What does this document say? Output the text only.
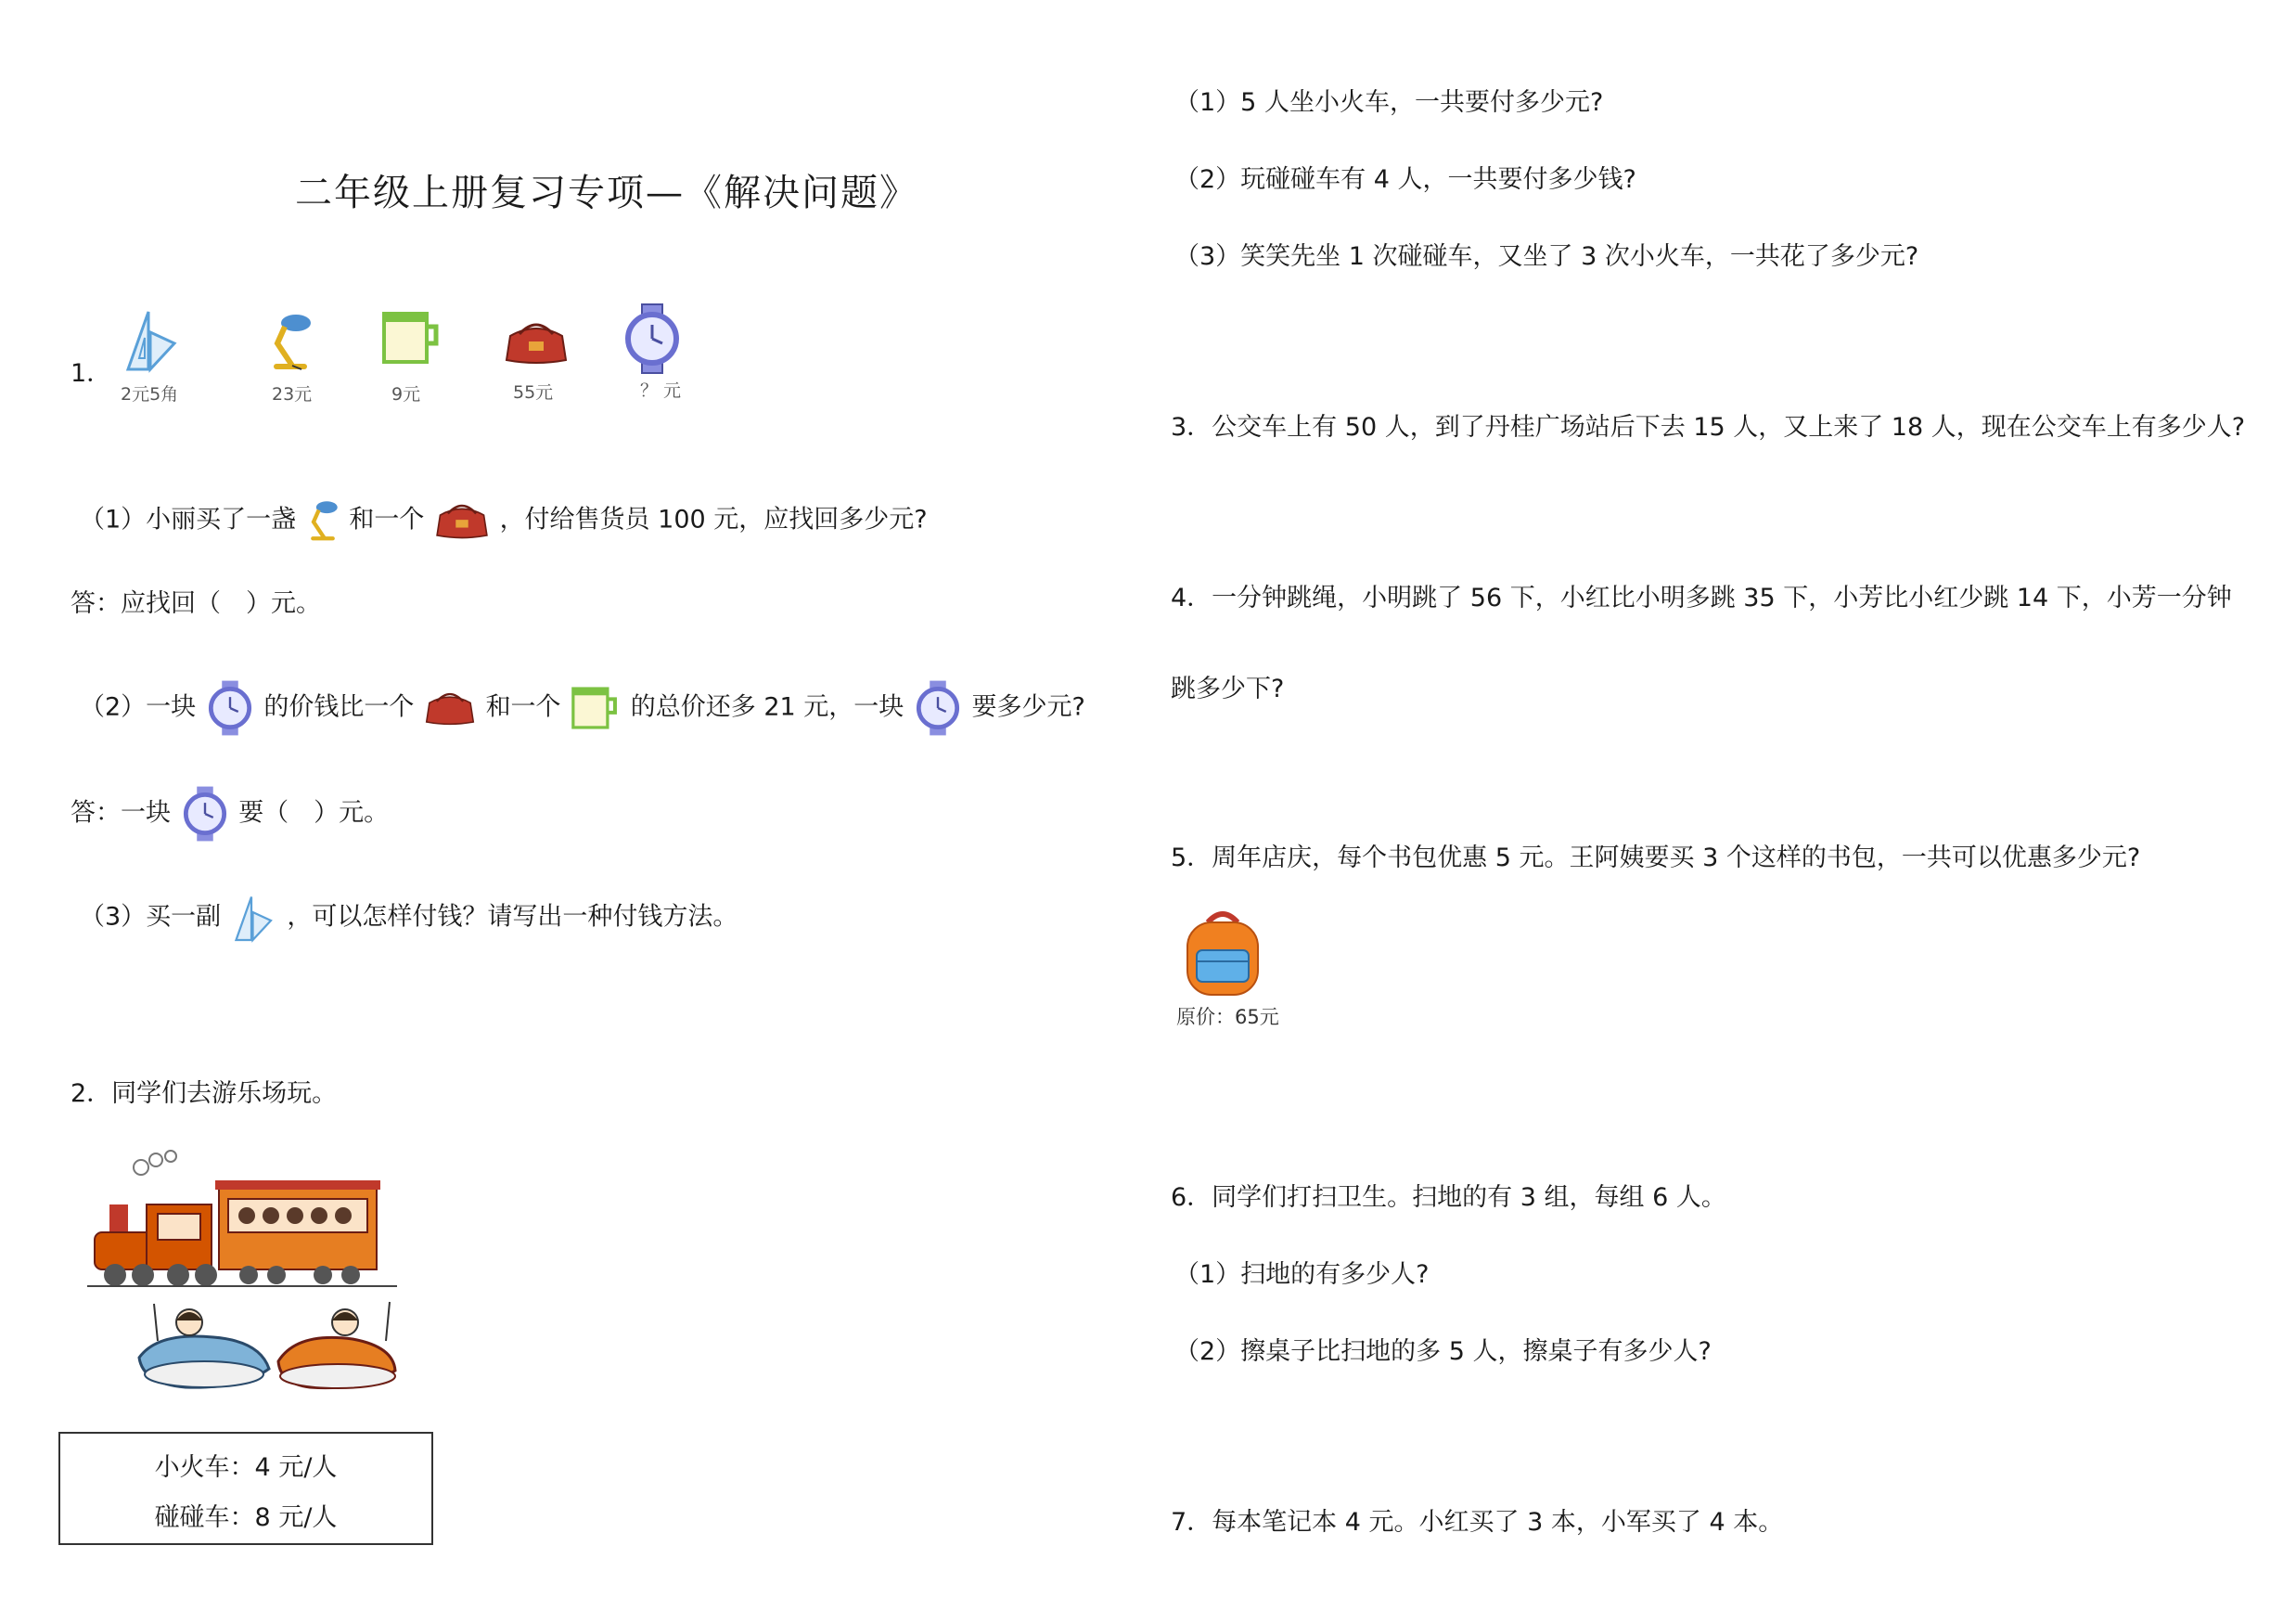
二年级上册复习专项—《解决问题》
1．
2元5角	23元	9元	55元	？ 元
（1）小丽买了一盏 和一个	，付给售货员 100 元，应找回多少元?
答：应找回（　）元。
（2）一块	的价钱比一个	和一个	的总价还多 21 元，一块	要多少元?
答：一块	要（　）元。
（3）买一副	，可以怎样付钱？请写出一种付钱方法。
2．同学们去游乐场玩。
小火车：4 元/人
碰碰车：8 元/人
（1）5 人坐小火车，一共要付多少元?
（2）玩碰碰车有 4 人，一共要付多少钱?
（3）笑笑先坐 1 次碰碰车，又坐了 3 次小火车，一共花了多少元?
3．公交车上有 50 人，到了丹桂广场站后下去 15 人，又上来了 18 人，现在公交车上有多少人?
4．一分钟跳绳，小明跳了 56 下，小红比小明多跳 35 下，小芳比小红少跳 14 下，小芳一分钟
跳多少下?
5．周年店庆，每个书包优惠 5 元。王阿姨要买 3 个这样的书包，一共可以优惠多少元?
原价：65元
6．同学们打扫卫生。扫地的有 3 组，每组 6 人。
（1）扫地的有多少人?
（2）擦桌子比扫地的多 5 人，擦桌子有多少人?
7．每本笔记本 4 元。小红买了 3 本，小军买了 4 本。
